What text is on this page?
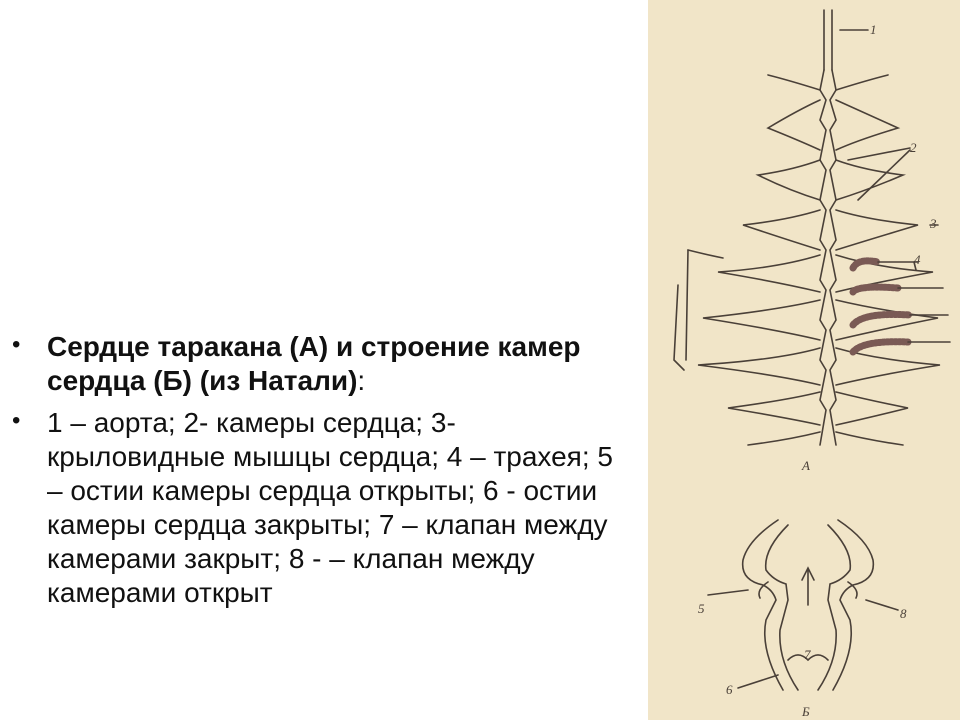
• Сердце таракана (А) и строение камер сердца (Б) (из Натали):
• 1 – аорта; 2- камеры сердца; 3- крыловидные мышцы сердца; 4 – трахея; 5 – остии камеры сердца открыты; 6 - остии камеры сердца закрыты; 7 – клапан между камерами закрыт; 8 - – клапан между камерами открыт
1
2
3
4
А
5	8
7
6
Б
